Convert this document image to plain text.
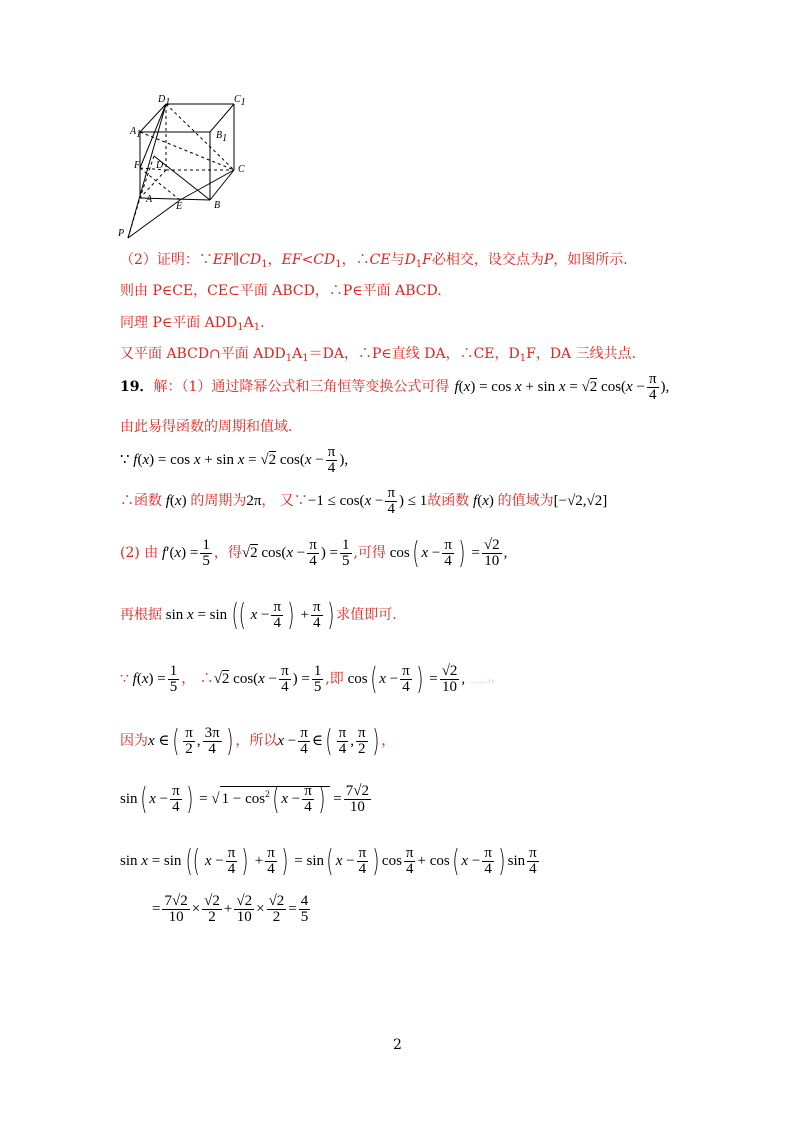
$D_1$	$C_1$
$A_1$	$B_1$
F D	C
A
E	B
P
（2）证明：$\because EF\parallel CD_1$，$EF<CD_1$，∴CE与$D_1F$必相交，设交点为P，如图所示.
则由 P∈CE，CE⊂平面 ABCD，∴P∈平面 ABCD.
同理 P∈平面 $ADD_1A_1$.
又平面 ABCD∩平面 $ADD_1A_1=DA$，∴P∈直线 DA，∴CE，$D_1F$，DA 三线共点.
19．解：（1）通过降幂公式和三角恒等变换公式可得 f(x) = cos x + sin x = √2 $\cos(x - \frac{\pi}{4}$ ),
由此易得函数的周期和值域.
∵ f(x) = cos x + sin x = √2 $\cos(x - \frac{\pi}{4}$ ),
∴函数 f(x) 的周期为2π， 又∵−1 ≤ $\cos(x - \frac{\pi}{4}$ ) ≤ 1故函数 f(x) 的值域为[−√2,√2]
(2) 由 $f'(x) = \frac{1}{5}$ ，得√2 $\cos(x - \frac{\pi}{4}$ ) = $\frac{1}{5}$ ,可得 cos( $x - \frac{\pi}{4}$ ) = $\frac{√2}{10}$ ,
再根据 sin x = sin (( $x - \frac{\pi}{4}$ ) + $\frac{\pi}{4}$ ) 求值即可.
∵ $f(x) = \frac{1}{5}$ ， ∴√2 $\cos(x - \frac{\pi}{4}$ ) = $\frac{1}{5}$ ,即 cos( $x - \frac{\pi}{4}$ ) = $\frac{√2}{10}$ , …………（ ）
因为x ∈( $\frac{\pi}{2}$ , $\frac{3\pi}{4}$ ) ，所以$x - \frac{\pi}{4}$ ∈( $\frac{\pi}{4}$ , $\frac{\pi}{2}$ ) ，
sin( $x - \frac{\pi}{4}$ ) = √ $1 - \cos^2$( $x - \frac{\pi}{4}$ ) = $\frac{7√2}{10}$
sin x = sin (( $x - \frac{\pi}{4}$ ) + $\frac{\pi}{4}$ ) = sin( $x - \frac{\pi}{4}$ ) $\cos \frac{\pi}{4} + \cos$( $x - \frac{\pi}{4}$ ) $\sin \frac{\pi}{4}$
= $\frac{7√2}{10} \times \frac{√2}{2} + \frac{√2}{10} \times \frac{√2}{2} = \frac{4}{5}$
2
